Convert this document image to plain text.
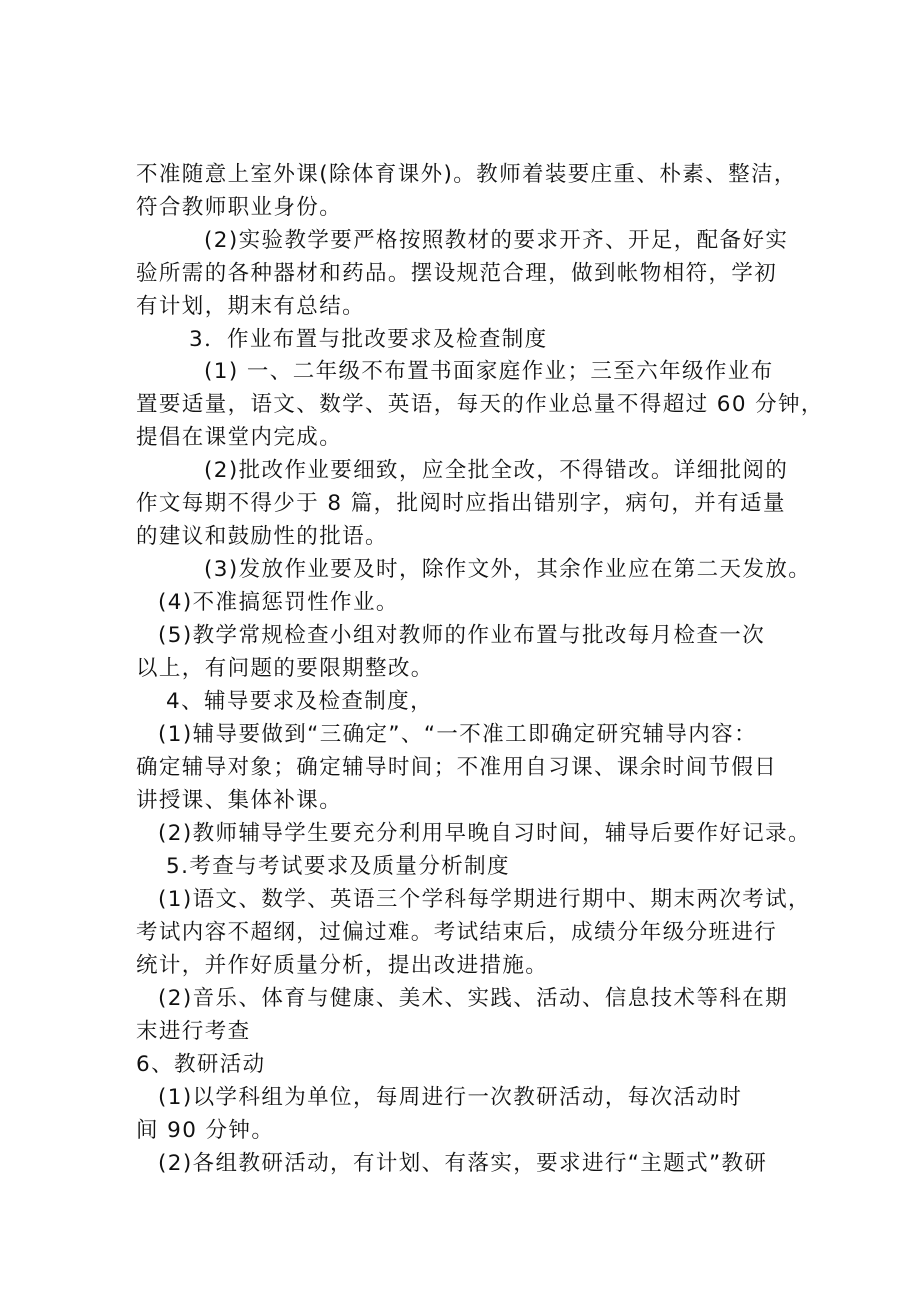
不准随意上室外课(除体育课外)。教师着装要庄重、朴素、整洁，
符合教师职业身份。
(2)实验教学要严格按照教材的要求开齐、开足，配备好实
验所需的各种器材和药品。摆设规范合理，做到帐物相符，学初
有计划，期末有总结。
3．作业布置与批改要求及检查制度
(1) 一、二年级不布置书面家庭作业；三至六年级作业布
置要适量，语文、数学、英语，每天的作业总量不得超过 60 分钟，
提倡在课堂内完成。
(2)批改作业要细致，应全批全改，不得错改。详细批阅的
作文每期不得少于 8 篇，批阅时应指出错别字，病句，并有适量
的建议和鼓励性的批语。
(3)发放作业要及时，除作文外，其余作业应在第二天发放。
(4)不准搞惩罚性作业。
(5)教学常规检查小组对教师的作业布置与批改每月检查一次
以上，有问题的要限期整改。
4、辅导要求及检查制度，
(1)辅导要做到“三确定”、“一不准工即确定研究辅导内容：
确定辅导对象；确定辅导时间；不准用自习课、课余时间节假日
讲授课、集体补课。
(2)教师辅导学生要充分利用早晚自习时间，辅导后要作好记录。
5.考查与考试要求及质量分析制度
(1)语文、数学、英语三个学科每学期进行期中、期末两次考试，
考试内容不超纲，过偏过难。考试结束后，成绩分年级分班进行
统计，并作好质量分析，提出改进措施。
(2)音乐、体育与健康、美术、实践、活动、信息技术等科在期
末进行考查
6、教研活动
(1)以学科组为单位，每周进行一次教研活动，每次活动时
间 90 分钟。
(2)各组教研活动，有计划、有落实，要求进行“主题式”教研
